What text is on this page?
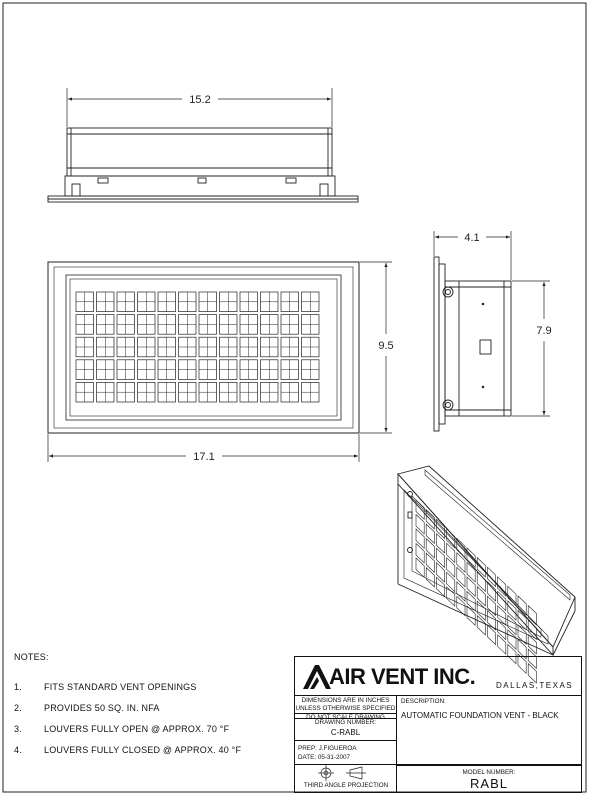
15.2
17.1
9.5
4.1
7.9
NOTES:
1.	FITS STANDARD VENT OPENINGS
2.	PROVIDES 50 SQ. IN. NFA
3.	LOUVERS FULLY OPEN @ APPROX. 70 °F
4.	LOUVERS FULLY CLOSED @ APPROX. 40 °F
AIR VENT INC.	DALLAS,TEXAS
DIMENSIONS ARE IN INCHES
UNLESS OTHERWISE SPECIFIED
DO NOT SCALE DRAWING
DRAWING NUMBER:
C-RABL
PREP: J.FIGUEROA
DATE: 05-31-2007
THIRD ANGLE PROJECTION
DESCRIPTION:
AUTOMATIC FOUNDATION VENT - BLACK
MODEL NUMBER:
RABL
